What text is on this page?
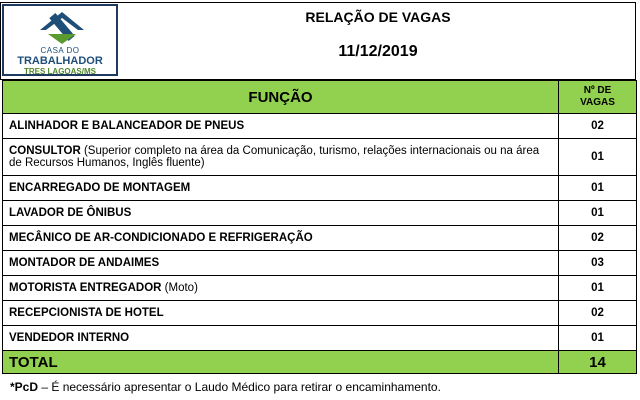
CASA DO
TRABALHADOR
TRES LAGOAS/MS
RELAÇÃO DE VAGAS
11/12/2019
FUNÇÃO	Nº DE VAGAS
ALINHADOR E BALANCEADOR DE PNEUS	02
CONSULTOR (Superior completo na área da Comunicação, turismo, relações internacionais ou na área de Recursos Humanos, Inglês fluente)	01
ENCARREGADO DE MONTAGEM	01
LAVADOR DE ÔNIBUS	01
MECÂNICO DE AR-CONDICIONADO E REFRIGERAÇÃO	02
MONTADOR DE ANDAIMES	03
MOTORISTA ENTREGADOR (Moto)	01
RECEPCIONISTA DE HOTEL	02
VENDEDOR INTERNO	01
TOTAL	14
*PcD – É necessário apresentar o Laudo Médico para retirar o encaminhamento.
